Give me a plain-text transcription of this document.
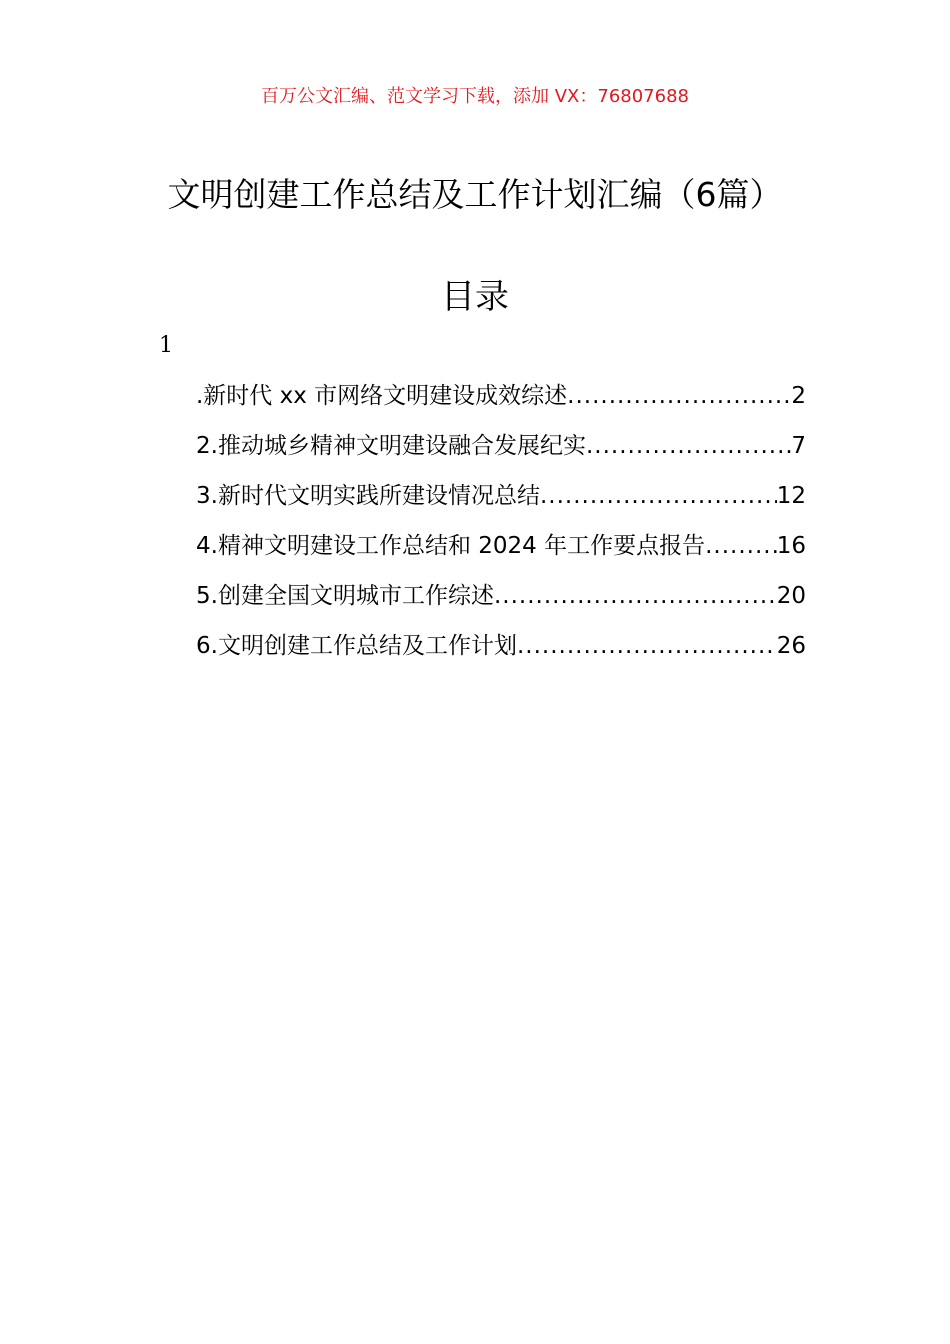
百万公文汇编、范文学习下载，添加 VX：76807688
文明创建工作总结及工作计划汇编（6篇）
目录
1
.新时代 xx 市网络文明建设成效综述 .....	2
2.推动城乡精神文明建设融合发展纪实 .....	7
3.新时代文明实践所建设情况总结 .....	12
4.精神文明建设工作总结和 2024 年工作要点报告 .....	16
5.创建全国文明城市工作综述 .....	20
6.文明创建工作总结及工作计划 .....	26
